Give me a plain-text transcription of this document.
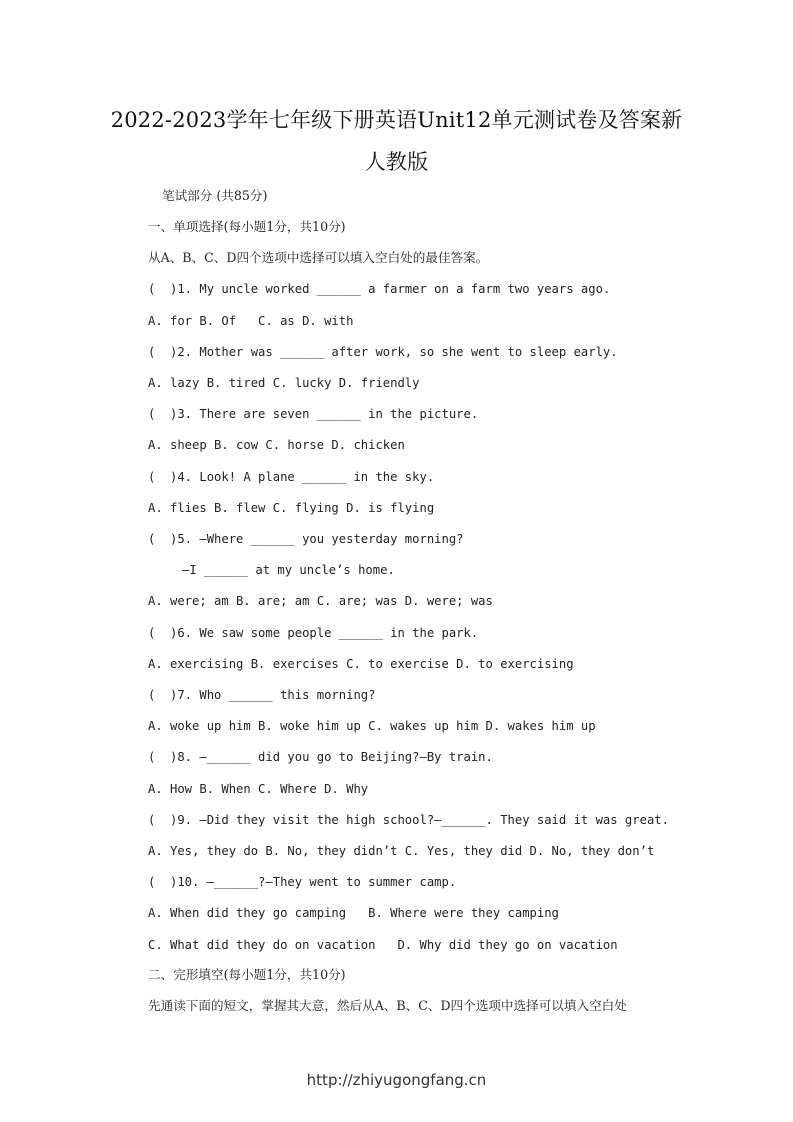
2022-2023学年七年级下册英语Unit12单元测试卷及答案新
人教版
笔试部分 (共85分)
一、单项选择(每小题1分，共10分)
从A、B、C、D四个选项中选择可以填入空白处的最佳答案。
(  )1. My uncle worked ______ a farmer on a farm two years ago.
A. for B. Of   C. as D. with
(  )2. Mother was ______ after work, so she went to sleep early.
A. lazy B. tired C. lucky D. friendly
(  )3. There are seven ______ in the picture.
A. sheep B. cow C. horse D. chicken
(  )4. Look! A plane ______ in the sky.
A. flies B. flew C. flying D. is flying
(  )5. —Where ______ you yesterday morning?
—I ______ at my uncle’s home.
A. were; am B. are; am C. are; was D. were; was
(  )6. We saw some people ______ in the park.
A. exercising B. exercises C. to exercise D. to exercising
(  )7. Who ______ this morning?
A. woke up him B. woke him up C. wakes up him D. wakes him up
(  )8. —______ did you go to Beijing?—By train.
A. How B. When C. Where D. Why
(  )9. —Did they visit the high school?—______. They said it was great.
A. Yes, they do B. No, they didn’t C. Yes, they did D. No, they don’t
(  )10. —______?—They went to summer camp.
A. When did they go camping   B. Where were they camping
C. What did they do on vacation   D. Why did they go on vacation
二、完形填空(每小题1分，共10分)
先通读下面的短文，掌握其大意，然后从A、B、C、D四个选项中选择可以填入空白处
http://zhiyugongfang.cn
